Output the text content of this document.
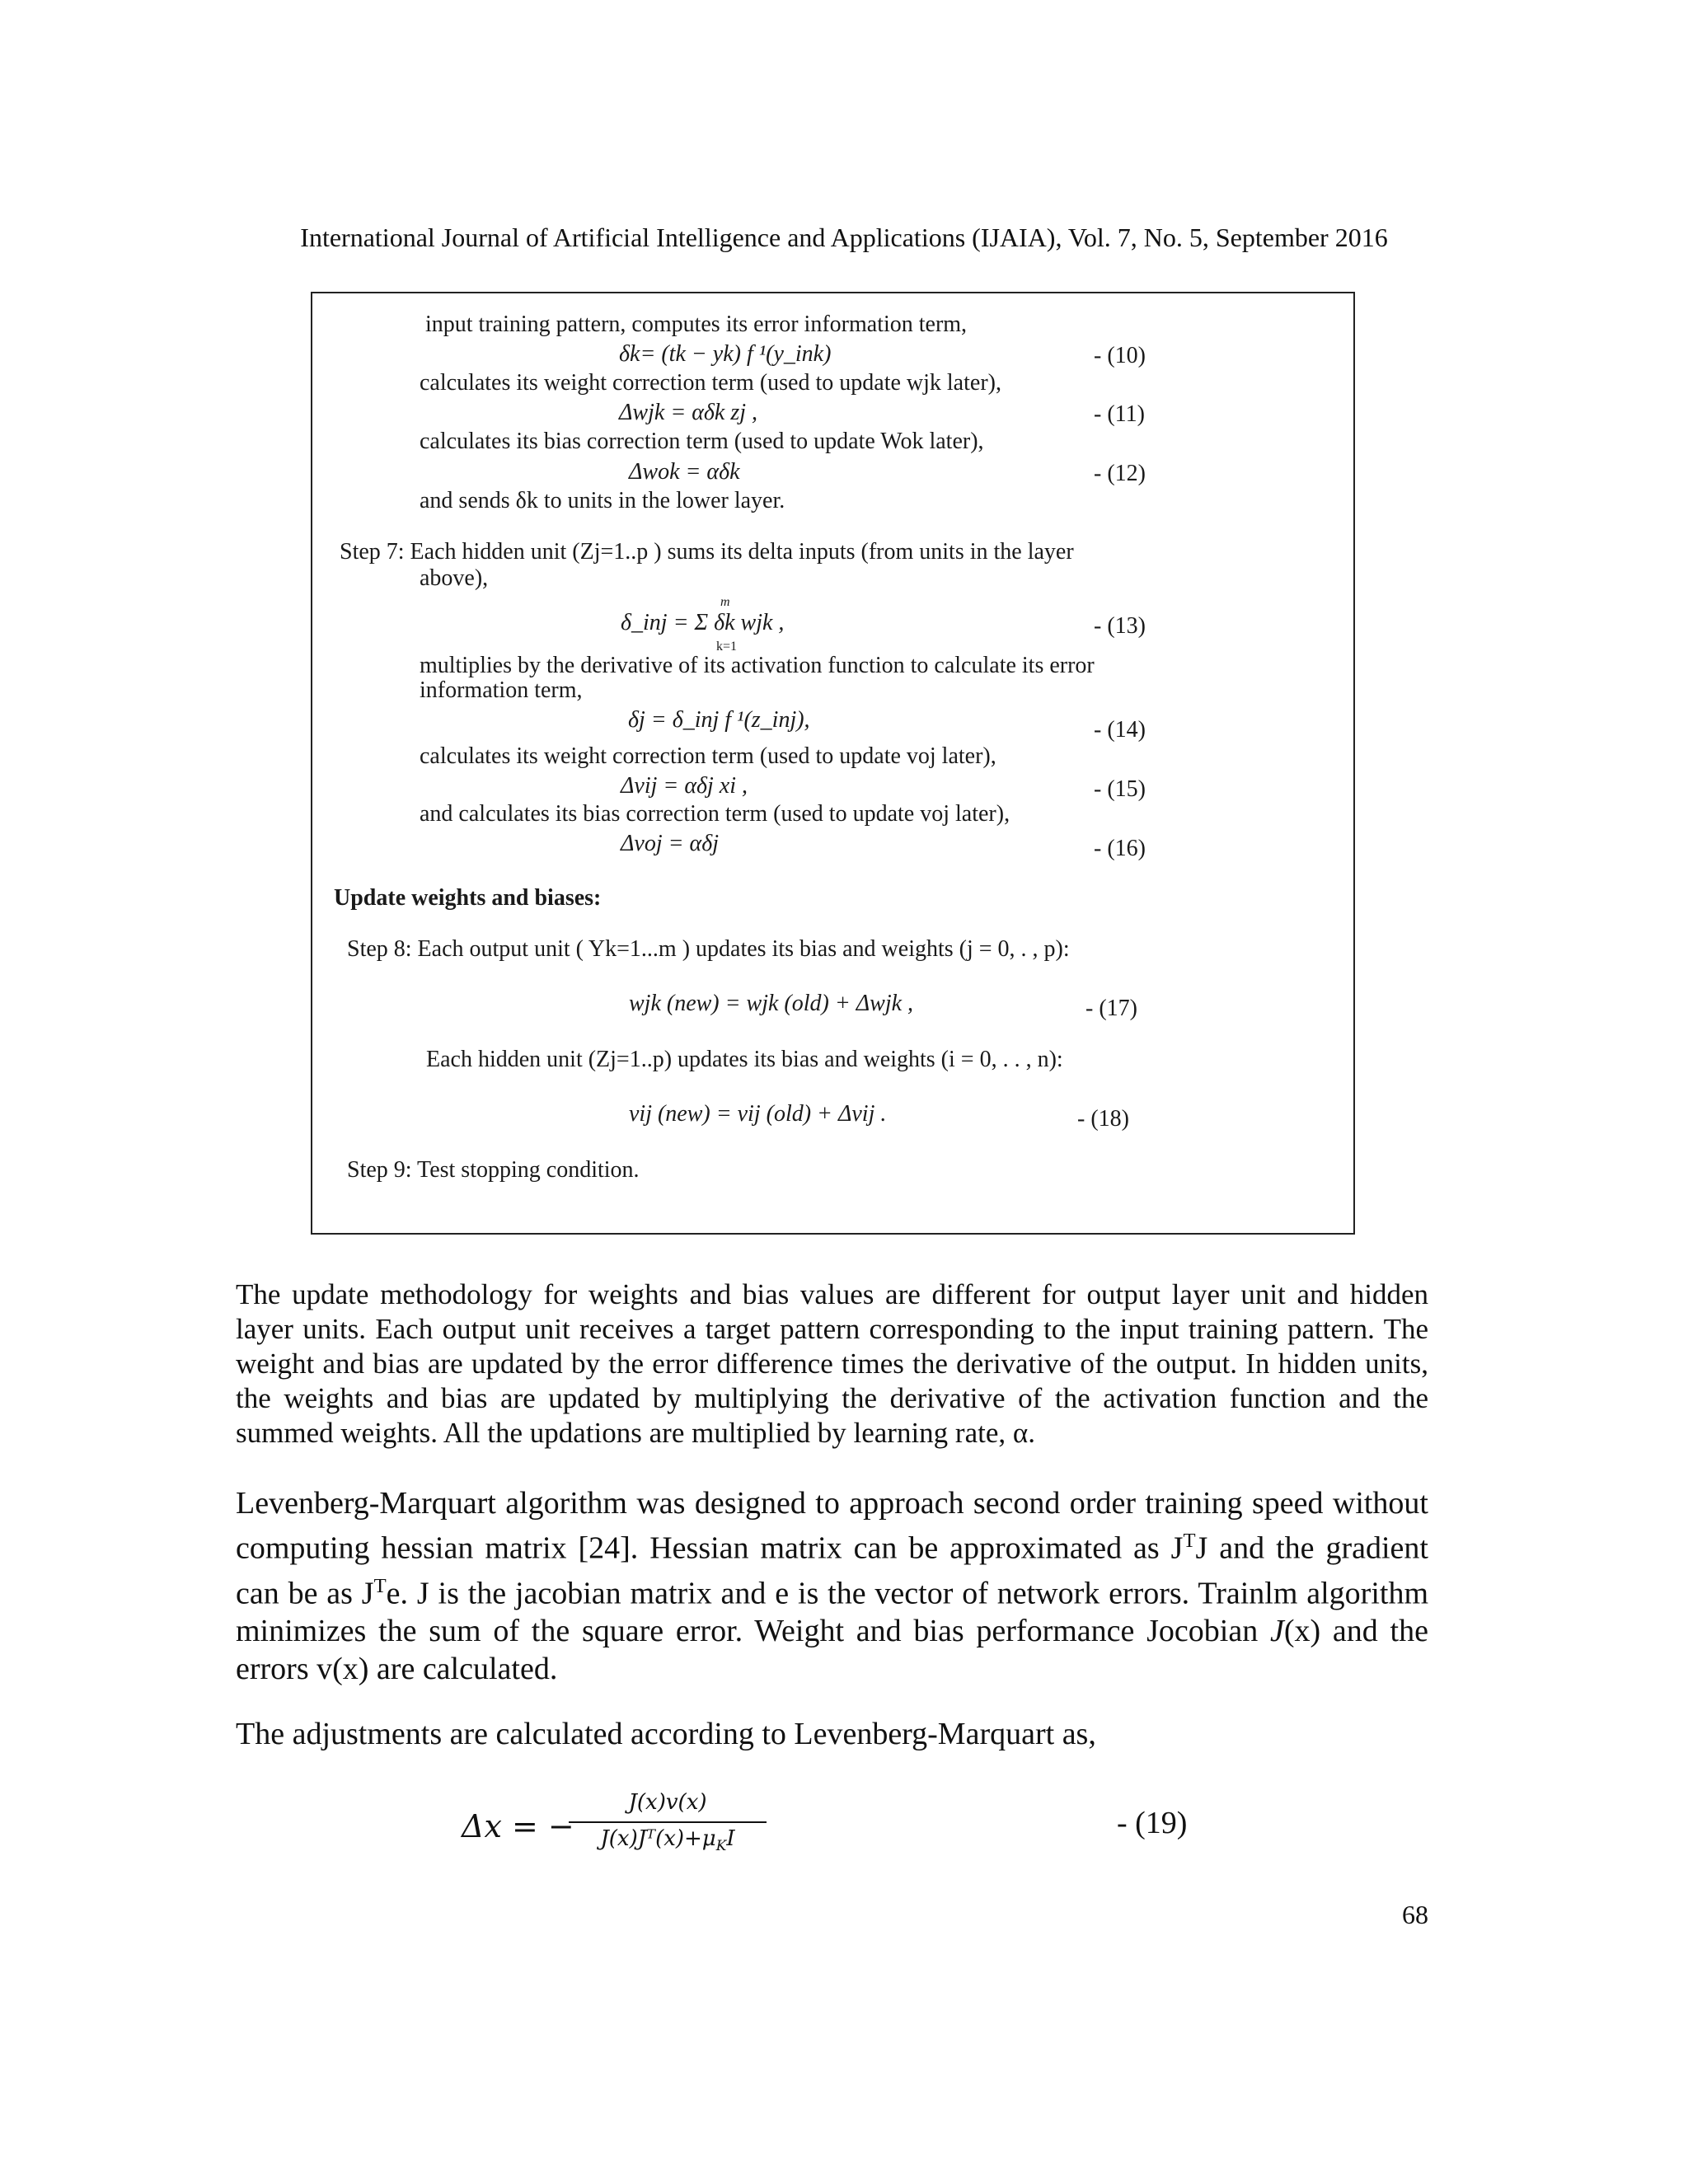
International Journal of Artificial Intelligence and Applications (IJAIA), Vol. 7, No. 5, September 2016
input training pattern, computes its error information term,
δk= (tk − yk) f ¹(y_ink)	- (10)
calculates its weight correction term (used to update wjk later),
Δwjk = αδk zj ,	- (11)
calculates its bias correction term (used to update Wok later),
Δwok = αδk	- (12)
and sends δk to units in the lower layer.
Step 7: Each hidden unit (Zj=1..p ) sums its delta inputs (from units in the layer
above),
m
δ_inj = Σ δk wjk ,
k=1
- (13)
multiplies by the derivative of its activation function to calculate its error
information term,
δj = δ_inj f ¹(z_inj),	- (14)
calculates its weight correction term (used to update voj later),
Δvij = αδj xi ,	- (15)
and calculates its bias correction term (used to update voj later),
Δvoj = αδj	- (16)
Update weights and biases:
Step 8: Each output unit ( Yk=1...m ) updates its bias and weights (j = 0, . , p):
wjk (new) = wjk (old) + Δwjk ,	- (17)
Each hidden unit (Zj=1..p) updates its bias and weights (i = 0, . . , n):
vij (new) = vij (old) + Δvij .	- (18)
Step 9: Test stopping condition.
The update methodology for weights and bias values are different for output layer unit and hidden layer units. Each output unit receives a target pattern corresponding to the input training pattern. The weight and bias are updated by the error difference times the derivative of the output. In hidden units, the weights and bias are updated by multiplying the derivative of the activation function and the summed weights. All the updations are multiplied by learning rate, α.
Levenberg-Marquart algorithm was designed to approach second order training speed without computing hessian matrix [24]. Hessian matrix can be approximated as $J^TJ$ and the gradient can be as $J^Te$. J is the jacobian matrix and e is the vector of network errors. Trainlm algorithm minimizes the sum of the square error. Weight and bias performance Jocobian J(x) and the errors v(x) are calculated.
The adjustments are calculated according to Levenberg-Marquart as,
Δx = −
J(x)v(x)
$J(x)Jᵀ(x)+\mu_KI$	- (19)
68
